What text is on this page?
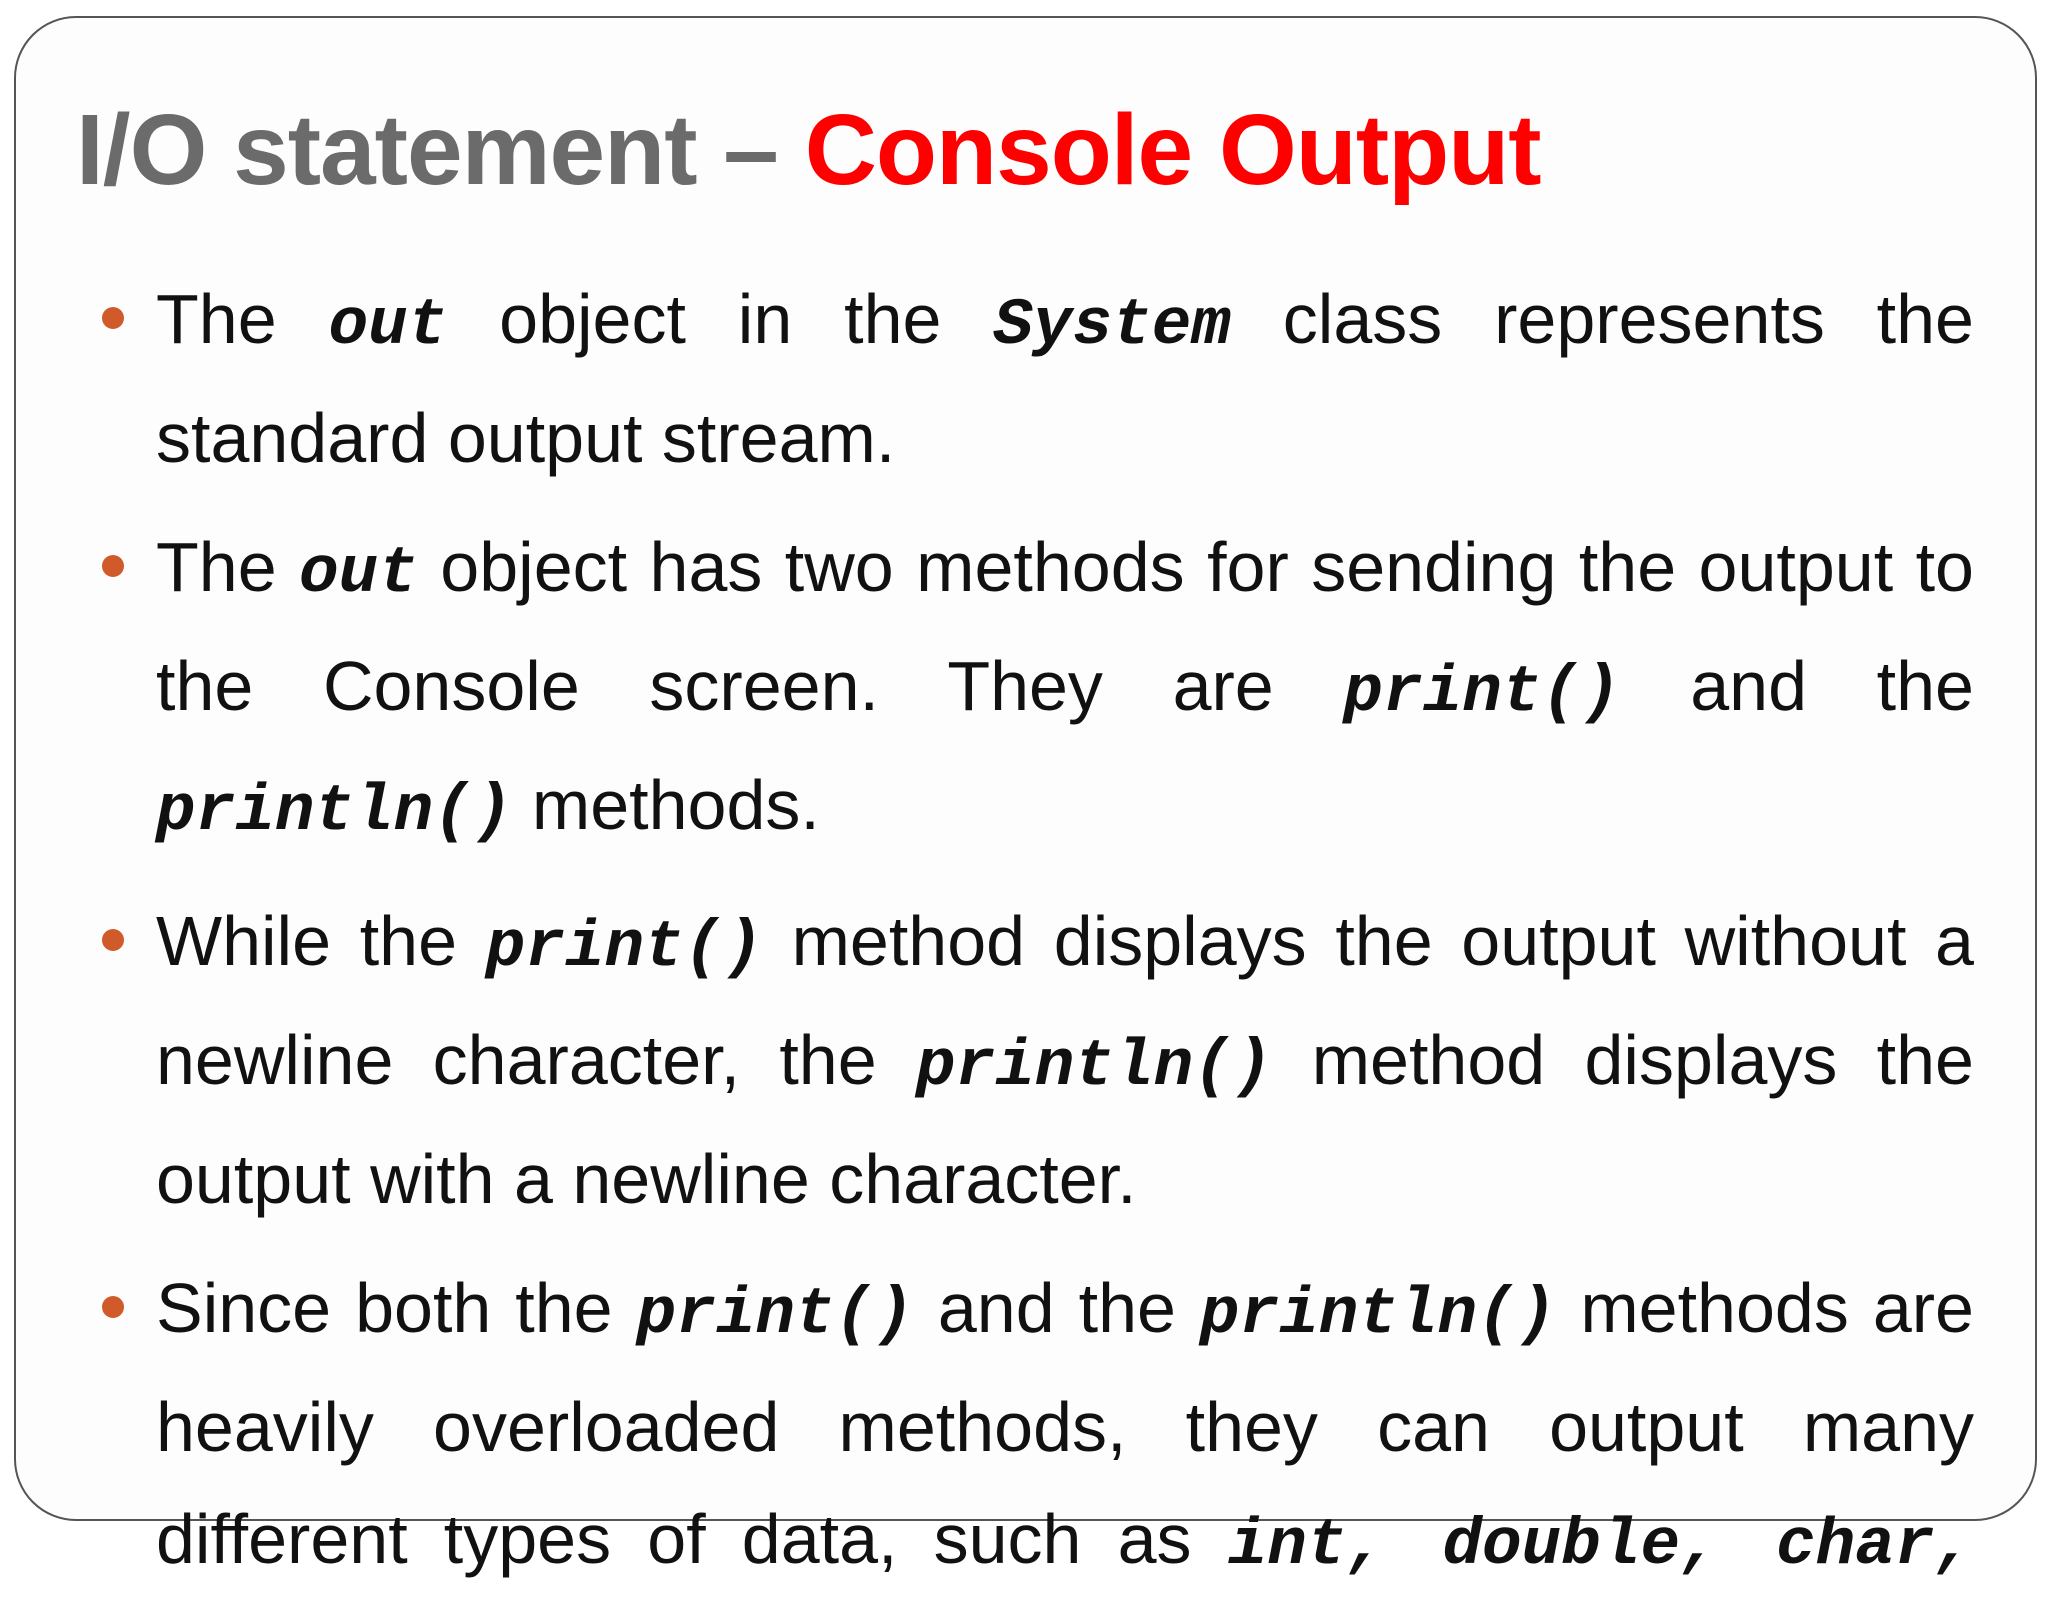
I/O statement – Console Output
The out object in the System class represents the standard output stream.
The out object has two methods for sending the output to the Console screen. They are print() and the println() methods.
While the print() method displays the output without a newline character, the println() method displays the output with a newline character.
Since both the print() and the println() methods are heavily overloaded methods, they can output many different types of data, such as int, double, char,
